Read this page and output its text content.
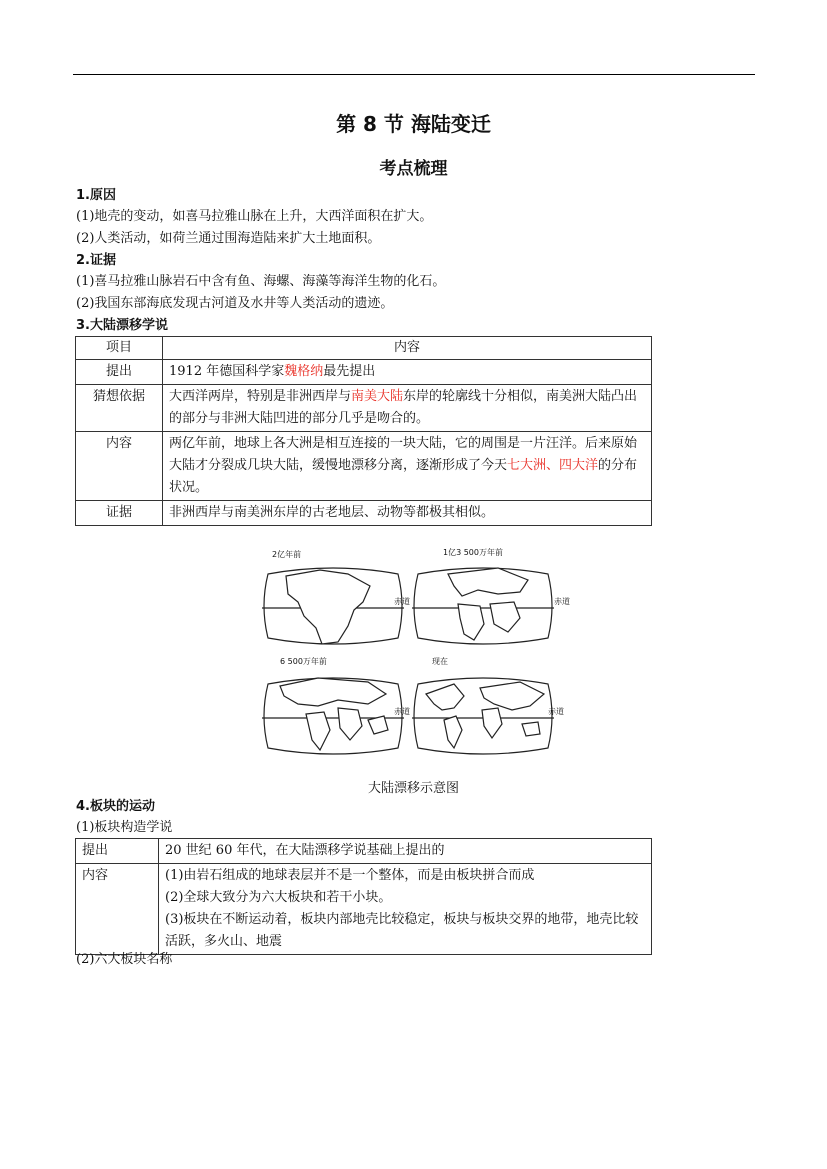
第 8 节 海陆变迁
考点梳理
1.原因
(1)地壳的变动，如喜马拉雅山脉在上升，大西洋面积在扩大。
(2)人类活动，如荷兰通过围海造陆来扩大土地面积。
2.证据
(1)喜马拉雅山脉岩石中含有鱼、海螺、海藻等海洋生物的化石。
(2)我国东部海底发现古河道及水井等人类活动的遗迹。
3.大陆漂移学说
项目	内容
提出	1912 年德国科学家魏格纳最先提出
猜想依据	大西洋两岸，特别是非洲西岸与南美大陆东岸的轮廓线十分相似，南美洲大陆凸出的部分与非洲大陆凹进的部分几乎是吻合的。
内容	两亿年前，地球上各大洲是相互连接的一块大陆，它的周围是一片汪洋。后来原始大陆才分裂成几块大陆，缓慢地漂移分离，逐渐形成了今天七大洲、四大洋的分布状况。
证据	非洲西岸与南美洲东岸的古老地层、动物等都极其相似。
2亿年前	1亿3 500万年前
6 500万年前	现在
赤道	赤道
赤道	赤道
大陆漂移示意图
4.板块的运动
(1)板块构造学说
提出	20 世纪 60 年代，在大陆漂移学说基础上提出的
内容	(1)由岩石组成的地球表层并不是一个整体，而是由板块拼合而成
(2)全球大致分为六大板块和若干小块。
(3)板块在不断运动着，板块内部地壳比较稳定，板块与板块交界的地带，地壳比较活跃，多火山、地震
(2)六大板块名称
